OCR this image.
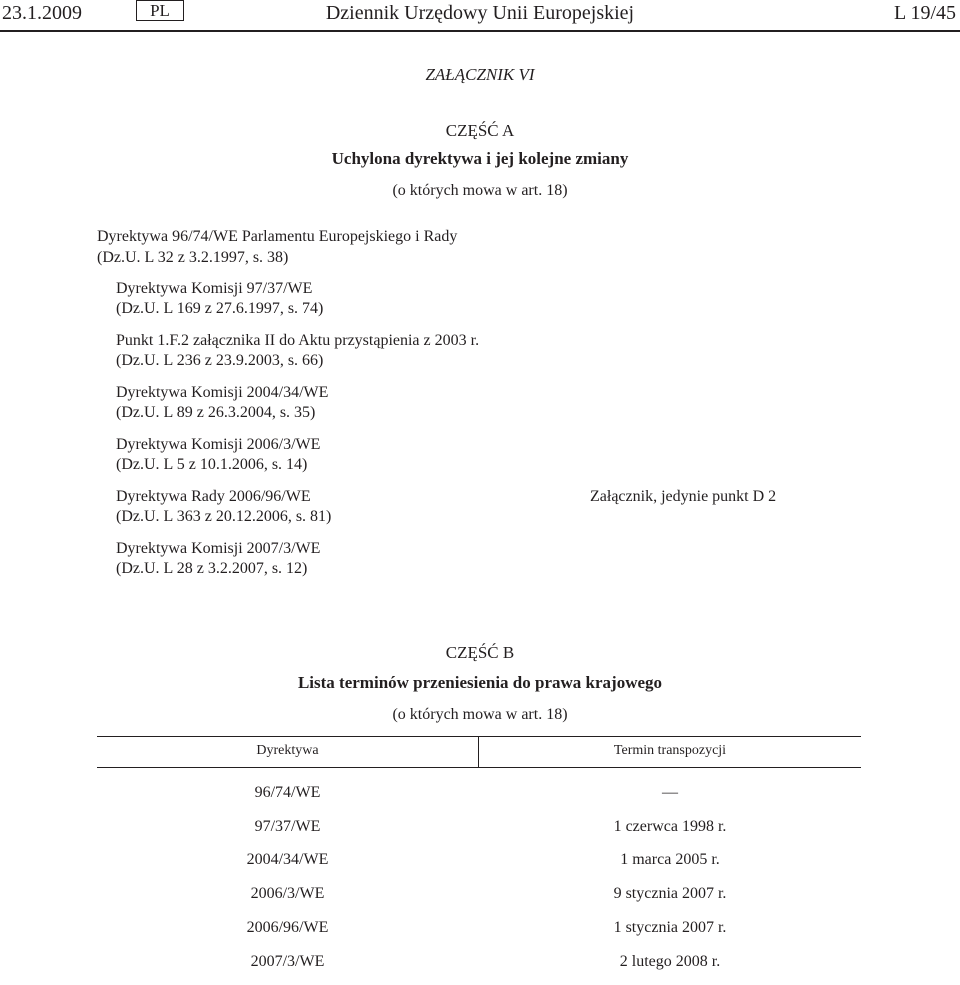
23.1.2009	PL	Dziennik Urzędowy Unii Europejskiej	L 19/45
ZAŁĄCZNIK VI
CZĘŚĆ A
Uchylona dyrektywa i jej kolejne zmiany
(o których mowa w art. 18)
Dyrektywa 96/74/WE Parlamentu Europejskiego i Rady
(Dz.U. L 32 z 3.2.1997, s. 38)
Dyrektywa Komisji 97/37/WE
(Dz.U. L 169 z 27.6.1997, s. 74)
Punkt 1.F.2 załącznika II do Aktu przystąpienia z 2003 r.
(Dz.U. L 236 z 23.9.2003, s. 66)
Dyrektywa Komisji 2004/34/WE
(Dz.U. L 89 z 26.3.2004, s. 35)
Dyrektywa Komisji 2006/3/WE
(Dz.U. L 5 z 10.1.2006, s. 14)
Dyrektywa Rady 2006/96/WE
(Dz.U. L 363 z 20.12.2006, s. 81)
Załącznik, jedynie punkt D 2
Dyrektywa Komisji 2007/3/WE
(Dz.U. L 28 z 3.2.2007, s. 12)
CZĘŚĆ B
Lista terminów przeniesienia do prawa krajowego
(o których mowa w art. 18)
Dyrektywa	Termin transpozycji
96/74/WE	—
97/37/WE	1 czerwca 1998 r.
2004/34/WE	1 marca 2005 r.
2006/3/WE	9 stycznia 2007 r.
2006/96/WE	1 stycznia 2007 r.
2007/3/WE	2 lutego 2008 r.
